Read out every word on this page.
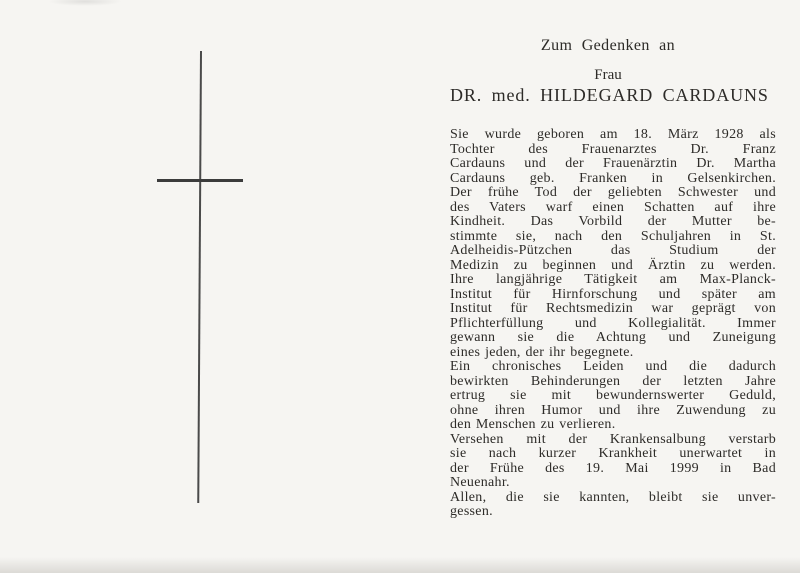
Zum Gedenken an
Frau
DR. med. HILDEGARD CARDAUNS
Sie wurde geboren am 18. März 1928 als
Tochter des Frauenarztes Dr. Franz
Cardauns und der Frauenärztin Dr. Martha
Cardauns geb. Franken in Gelsenkirchen.
Der frühe Tod der geliebten Schwester und
des Vaters warf einen Schatten auf ihre
Kindheit. Das Vorbild der Mutter be-
stimmte sie, nach den Schuljahren in St.
Adelheidis-Pützchen das Studium der
Medizin zu beginnen und Ärztin zu werden.
Ihre langjährige Tätigkeit am Max-Planck-
Institut für Hirnforschung und später am
Institut für Rechtsmedizin war geprägt von
Pflichterfüllung und Kollegialität. Immer
gewann sie die Achtung und Zuneigung
eines jeden, der ihr begegnete.
Ein chronisches Leiden und die dadurch
bewirkten Behinderungen der letzten Jahre
ertrug sie mit bewundernswerter Geduld,
ohne ihren Humor und ihre Zuwendung zu
den Menschen zu verlieren.
Versehen mit der Krankensalbung verstarb
sie nach kurzer Krankheit unerwartet in
der Frühe des 19. Mai 1999 in Bad
Neuenahr.
Allen, die sie kannten, bleibt sie unver-
gessen.
